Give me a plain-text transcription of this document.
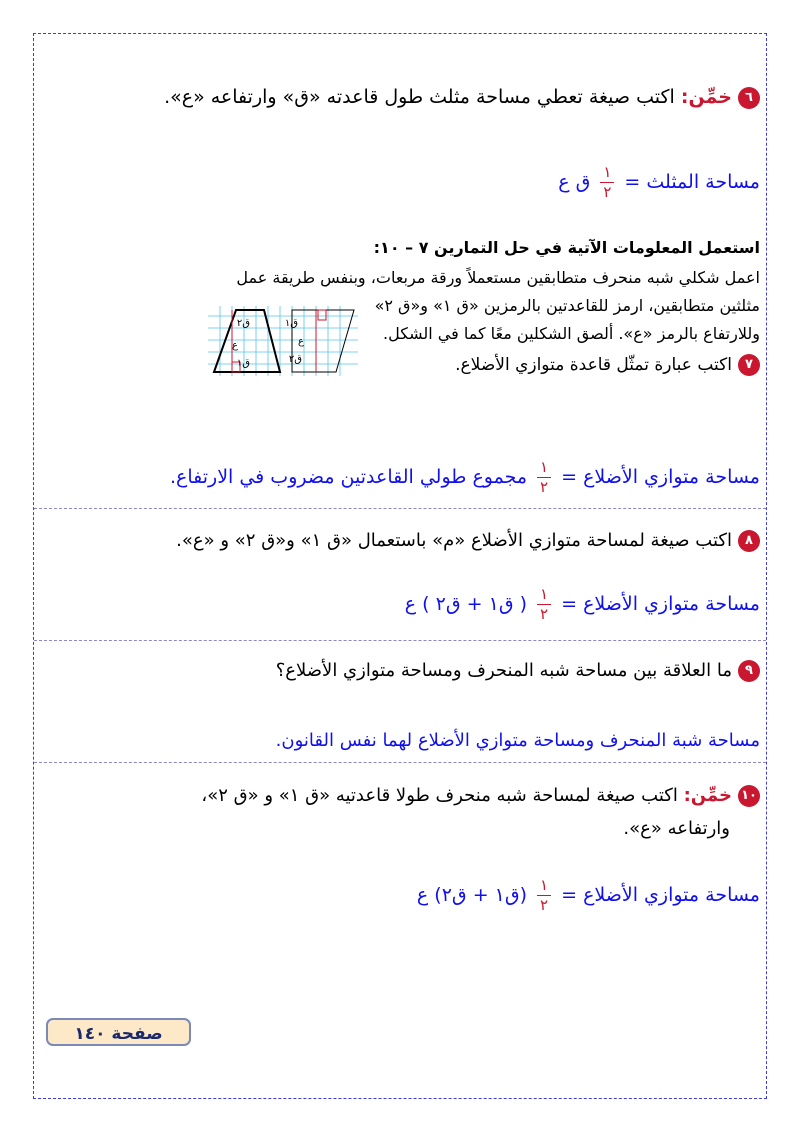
٦خمِّن: اكتب صيغة تعطي مساحة مثلث طول قاعدته «ق» وارتفاعه «ع».
مساحة المثلث =
$\frac{١}{٢}$
ق ع
استعمل المعلومات الآتية في حل التمارين ٧ – ١٠:
اعمل شكلي شبه منحرف متطابقين مستعملاً ورقة مربعات، وبنفس طريقة عمل
مثلثين متطابقين، ارمز للقاعدتين بالرمزين «ق ١» و«ق ٢»
وللارتفاع بالرمز «ع». ألصق الشكلين معًا كما في الشكل.
ق٢
ع
ق١
ق١
ع
ق٢	٧اكتب عبارة تمثّل قاعدة متوازي الأضلاع.
مساحة متوازي الأضلاع =
$\frac{١}{٢}$
مجموع طولي القاعدتين مضروب في الارتفاع.
٨اكتب صيغة لمساحة متوازي الأضلاع «م» باستعمال «ق ١» و«ق ٢» و «ع».
مساحة متوازي الأضلاع =
$\frac{١}{٢}$
( ق١ + ق٢ ) ع
٩ما العلاقة بين مساحة شبه المنحرف ومساحة متوازي الأضلاع؟
مساحة شبة المنحرف ومساحة متوازي الأضلاع لهما نفس القانون.
١٠خمِّن: اكتب صيغة لمساحة شبه منحرف طولا قاعدتيه «ق ١» و «ق ٢»،
وارتفاعه «ع».
مساحة متوازي الأضلاع =
$\frac{١}{٢}$
(ق١ + ق٢) ع
صفحة ١٤٠
